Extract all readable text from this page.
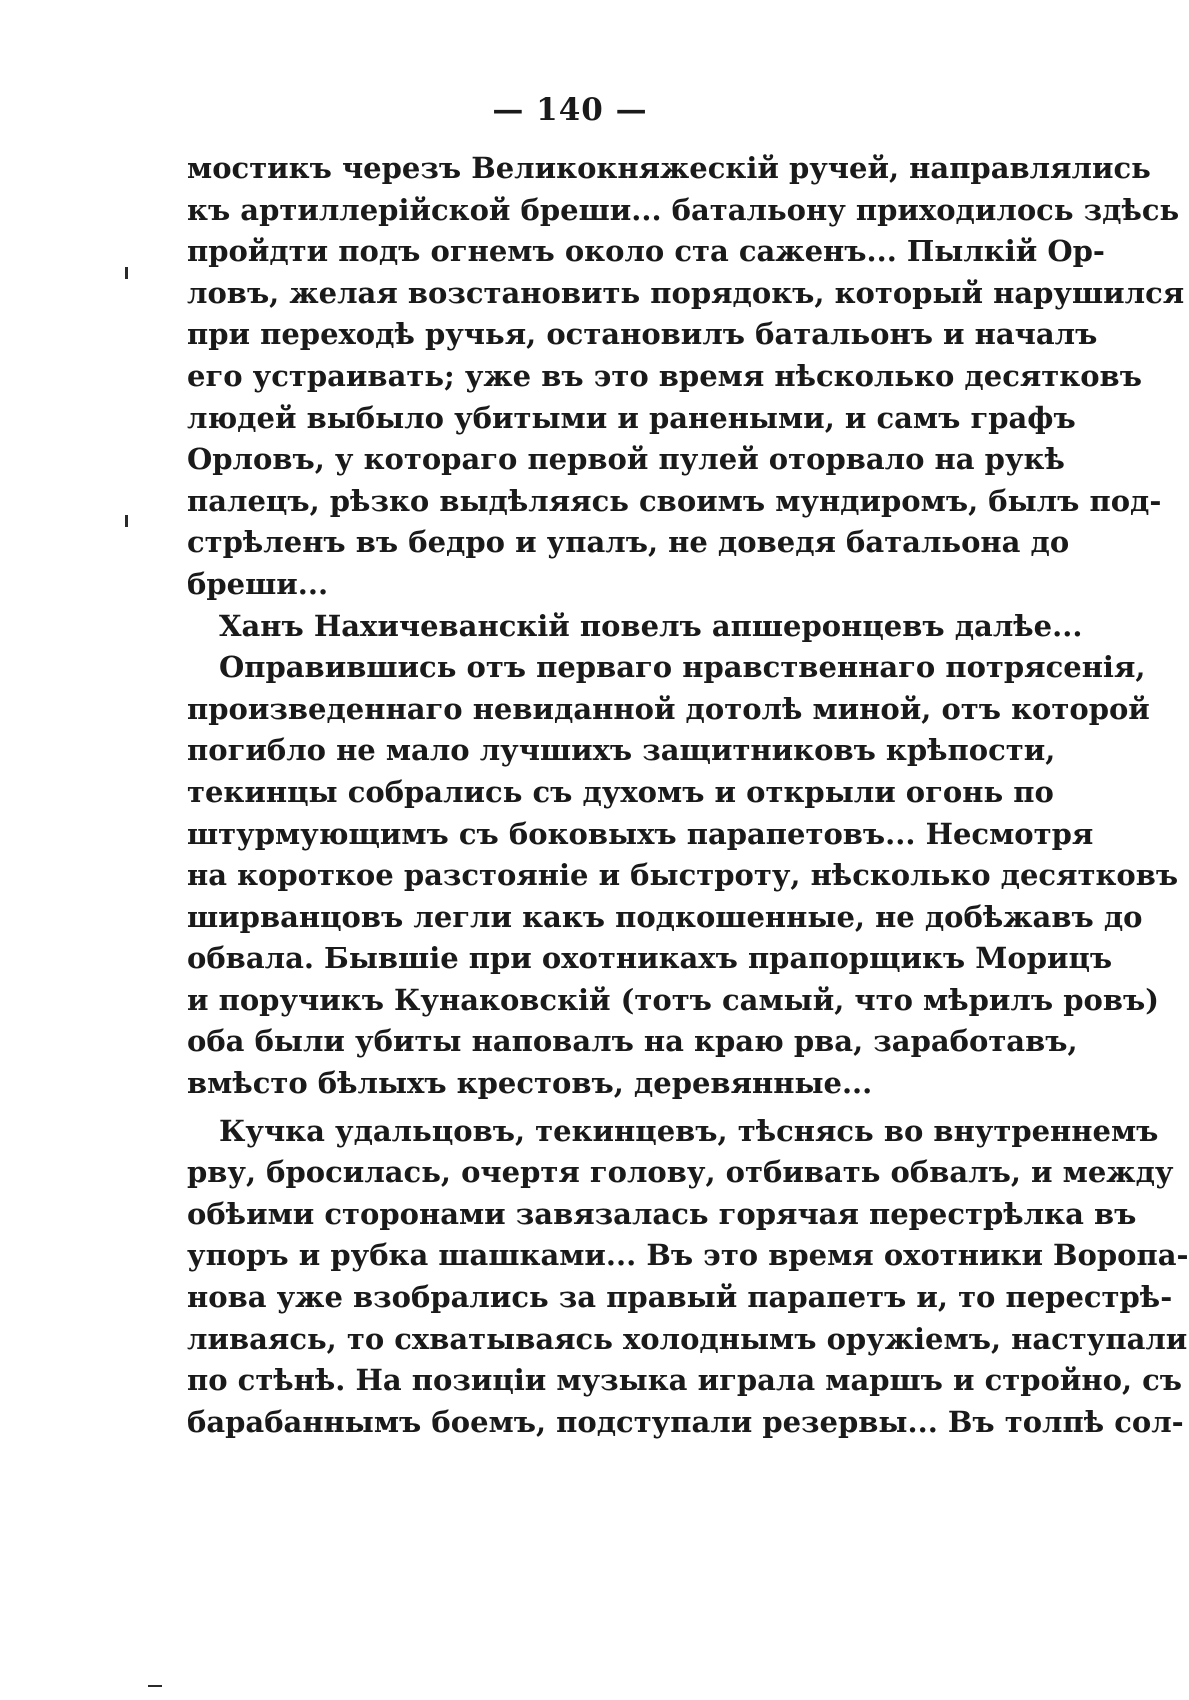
— 140 —
мостикъ черезъ Великокняжескій ручей, направлялись
къ артиллерійской бреши... батальону приходилось здѣсь
пройдти подъ огнемъ около ста саженъ... Пылкій Ор-
ловъ, желая возстановить порядокъ, который нарушился
при переходѣ ручья, остановилъ батальонъ и началъ
его устраивать; уже въ это время нѣсколько десятковъ
людей выбыло убитыми и ранеными, и самъ графъ
Орловъ, у котораго первой пулей оторвало на рукѣ
палецъ, рѣзко выдѣляясь своимъ мундиромъ, былъ под-
стрѣленъ въ бедро и упалъ, не доведя батальона до
бреши...
Ханъ Нахичеванскій повелъ апшеронцевъ далѣе...
Оправившись отъ перваго нравственнаго потрясенія,
произведеннаго невиданной дотолѣ миной, отъ которой
погибло не мало лучшихъ защитниковъ крѣпости,
текинцы собрались съ духомъ и открыли огонь по
штурмующимъ съ боковыхъ парапетовъ... Несмотря
на короткое разстояніе и быстроту, нѣсколько десятковъ
ширванцовъ легли какъ подкошенные, не добѣжавъ до
обвала. Бывшіе при охотникахъ прапорщикъ Морицъ
и поручикъ Кунаковскій (тотъ самый, что мѣрилъ ровъ)
оба были убиты наповалъ на краю рва, заработавъ,
вмѣсто бѣлыхъ крестовъ, деревянные...
Кучка удальцовъ, текинцевъ, тѣснясь во внутреннемъ
рву, бросилась, очертя голову, отбивать обвалъ, и между
обѣими сторонами завязалась горячая перестрѣлка въ
упоръ и рубка шашками... Въ это время охотники Воропа-
нова уже взобрались за правый парапетъ и, то перестрѣ-
ливаясь, то схватываясь холоднымъ оружіемъ, наступали
по стѣнѣ. На позиціи музыка играла маршъ и стройно, съ
барабаннымъ боемъ, подступали резервы... Въ толпѣ сол-
